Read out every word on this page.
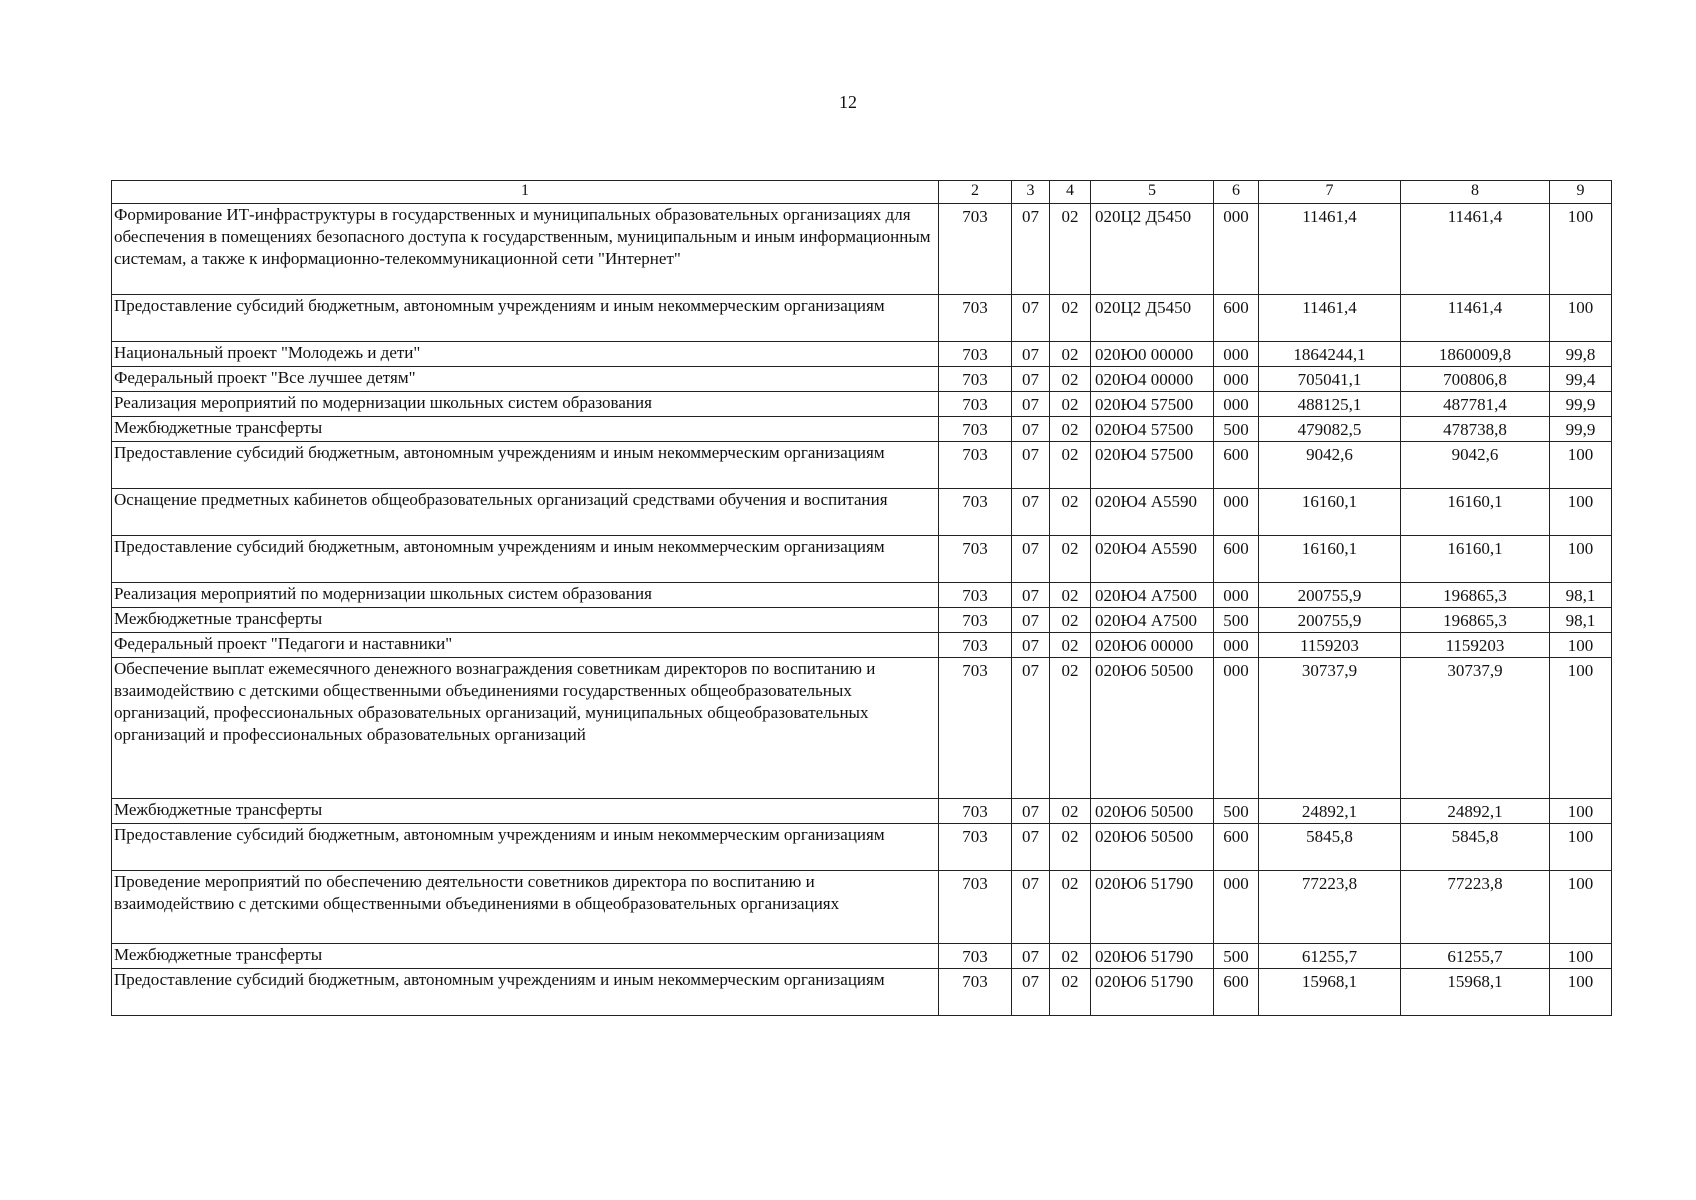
12
1	2	3	4	5	6	7	8	9
Формирование ИТ-инфраструктуры в государственных и муниципальных образовательных организациях для обеспечения в помещениях безопасного доступа к государственным, муниципальным и иным информационным системам, а также к информационно-телекоммуникационной сети "Интернет"	703	07	02	020Ц2 Д5450	000	11461,4	11461,4	100
Предоставление субсидий бюджетным, автономным учреждениям и иным некоммерческим организациям	703	07	02	020Ц2 Д5450	600	11461,4	11461,4	100
Национальный проект "Молодежь и дети"	703	07	02	020Ю0 00000	000	1864244,1	1860009,8	99,8
Федеральный проект "Все лучшее детям"	703	07	02	020Ю4 00000	000	705041,1	700806,8	99,4
Реализация мероприятий по модернизации школьных систем образования	703	07	02	020Ю4 57500	000	488125,1	487781,4	99,9
Межбюджетные трансферты	703	07	02	020Ю4 57500	500	479082,5	478738,8	99,9
Предоставление субсидий бюджетным, автономным учреждениям и иным некоммерческим организациям	703	07	02	020Ю4 57500	600	9042,6	9042,6	100
Оснащение предметных кабинетов общеобразовательных организаций средствами обучения и воспитания	703	07	02	020Ю4 А5590	000	16160,1	16160,1	100
Предоставление субсидий бюджетным, автономным учреждениям и иным некоммерческим организациям	703	07	02	020Ю4 А5590	600	16160,1	16160,1	100
Реализация мероприятий по модернизации школьных систем образования	703	07	02	020Ю4 А7500	000	200755,9	196865,3	98,1
Межбюджетные трансферты	703	07	02	020Ю4 А7500	500	200755,9	196865,3	98,1
Федеральный проект "Педагоги и наставники"	703	07	02	020Ю6 00000	000	1159203	1159203	100
Обеспечение выплат ежемесячного денежного вознаграждения советникам директоров по воспитанию и взаимодействию с детскими общественными объединениями государственных общеобразовательных организаций, профессиональных образовательных организаций, муниципальных общеобразовательных организаций и профессиональных образовательных организаций	703	07	02	020Ю6 50500	000	30737,9	30737,9	100
Межбюджетные трансферты	703	07	02	020Ю6 50500	500	24892,1	24892,1	100
Предоставление субсидий бюджетным, автономным учреждениям и иным некоммерческим организациям	703	07	02	020Ю6 50500	600	5845,8	5845,8	100
Проведение мероприятий по обеспечению деятельности советников директора по воспитанию и взаимодействию с детскими общественными объединениями в общеобразовательных организациях	703	07	02	020Ю6 51790	000	77223,8	77223,8	100
Межбюджетные трансферты	703	07	02	020Ю6 51790	500	61255,7	61255,7	100
Предоставление субсидий бюджетным, автономным учреждениям и иным некоммерческим организациям	703	07	02	020Ю6 51790	600	15968,1	15968,1	100
